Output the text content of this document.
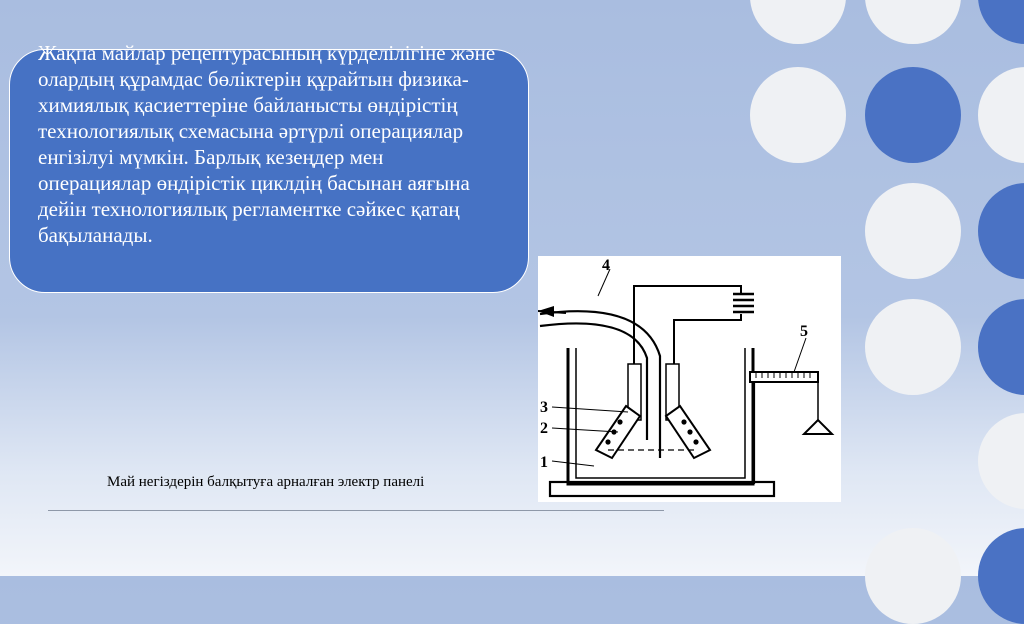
Жақпа майлар рецептурасының күрделілігіне және олардың құрамдас бөліктерін құрайтын физика-химиялық қасиеттеріне байланысты өндірістің технологиялық схемасына әртүрлі операциялар енгізілуі мүмкін. Барлық кезеңдер мен операциялар өндірістік циклдің басынан аяғына дейін технологиялық регламентке сәйкес қатаң бақыланады.

4
5
3
2
1

Май негіздерін балқытуға арналған электр панелі
